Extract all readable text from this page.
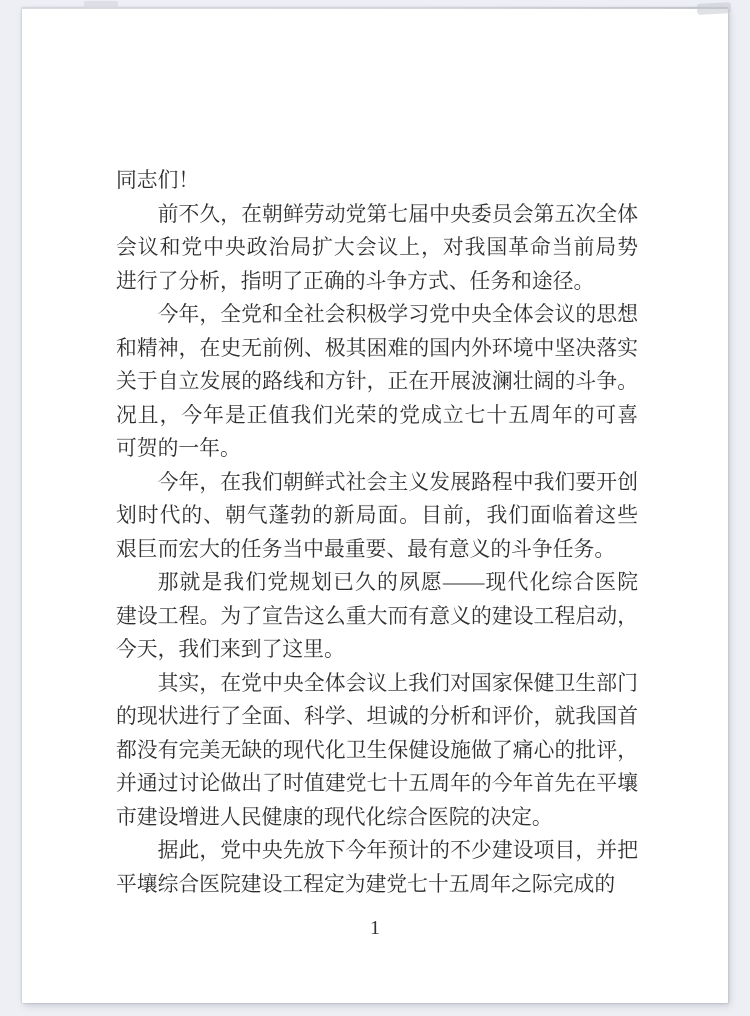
同志们！
前不久，在朝鲜劳动党第七届中央委员会第五次全体
会议和党中央政治局扩大会议上，对我国革命当前局势
进行了分析，指明了正确的斗争方式、任务和途径。
今年，全党和全社会积极学习党中央全体会议的思想
和精神，在史无前例、极其困难的国内外环境中坚决落实
关于自立发展的路线和方针，正在开展波澜壮阔的斗争。
况且，今年是正值我们光荣的党成立七十五周年的可喜
可贺的一年。
今年，在我们朝鲜式社会主义发展路程中我们要开创
划时代的、朝气蓬勃的新局面。目前，我们面临着这些
艰巨而宏大的任务当中最重要、最有意义的斗争任务。
那就是我们党规划已久的夙愿——现代化综合医院
建设工程。为了宣告这么重大而有意义的建设工程启动，
今天，我们来到了这里。
其实，在党中央全体会议上我们对国家保健卫生部门
的现状进行了全面、科学、坦诚的分析和评价，就我国首
都没有完美无缺的现代化卫生保健设施做了痛心的批评，
并通过讨论做出了时值建党七十五周年的今年首先在平壤
市建设增进人民健康的现代化综合医院的决定。
据此，党中央先放下今年预计的不少建设项目，并把
平壤综合医院建设工程定为建党七十五周年之际完成的
1
